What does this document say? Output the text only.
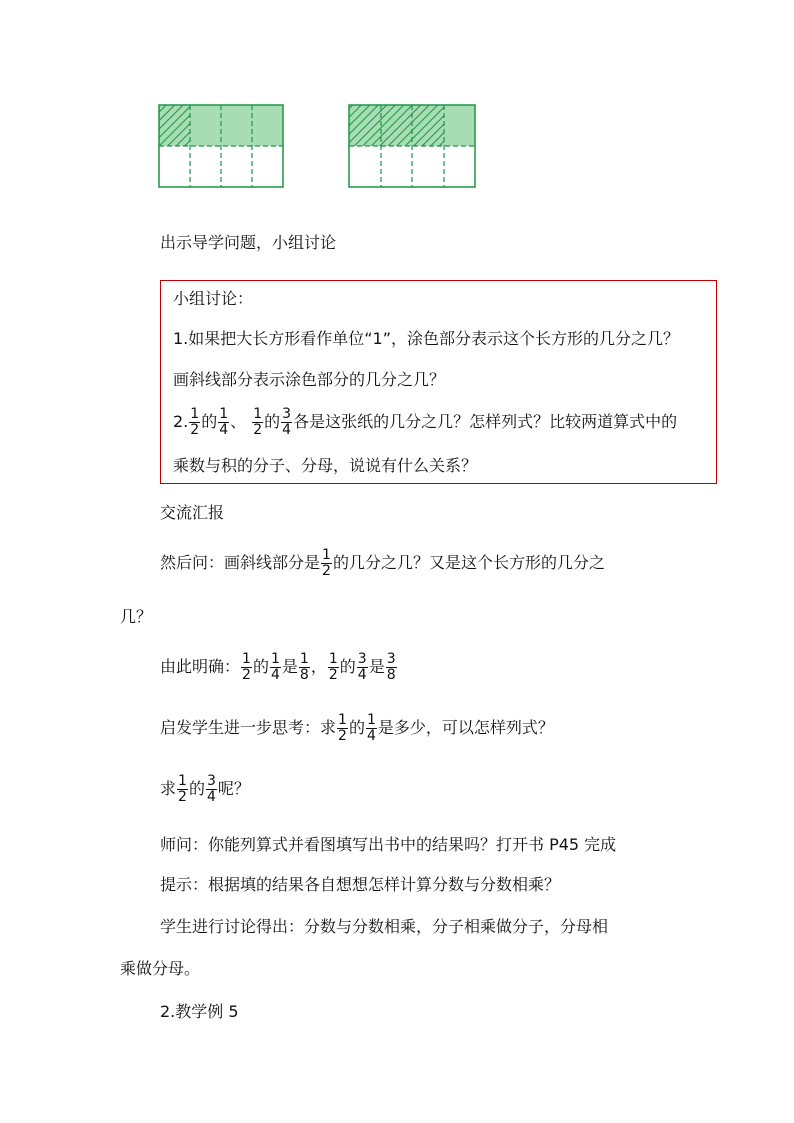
出示导学问题，小组讨论
小组讨论：
1.如果把大长方形看作单位“1”，涂色部分表示这个长方形的几分之几？
画斜线部分表示涂色部分的几分之几？
2. $\frac{1}{2}$ 的 $\frac{1}{4}$ 、 $\frac{1}{2}$ 的 $\frac{3}{4}$ 各是这张纸的几分之几？怎样列式？比较两道算式中的
乘数与积的分子、分母，说说有什么关系？
交流汇报
然后问：画斜线部分是 $\frac{1}{2}$ 的几分之几？又是这个长方形的几分之
几？
由此明确： $\frac{1}{2}$ 的 $\frac{1}{4}$ 是 $\frac{1}{8}$ ， $\frac{1}{2}$ 的 $\frac{3}{4}$ 是 $\frac{3}{8}$
启发学生进一步思考：求 $\frac{1}{2}$ 的 $\frac{1}{4}$ 是多少，可以怎样列式？
求 $\frac{1}{2}$ 的 $\frac{3}{4}$ 呢？
师问：你能列算式并看图填写出书中的结果吗？打开书 P45 完成
提示：根据填的结果各自想想怎样计算分数与分数相乘？
学生进行讨论得出：分数与分数相乘，分子相乘做分子，分母相
乘做分母。
2.教学例 5
